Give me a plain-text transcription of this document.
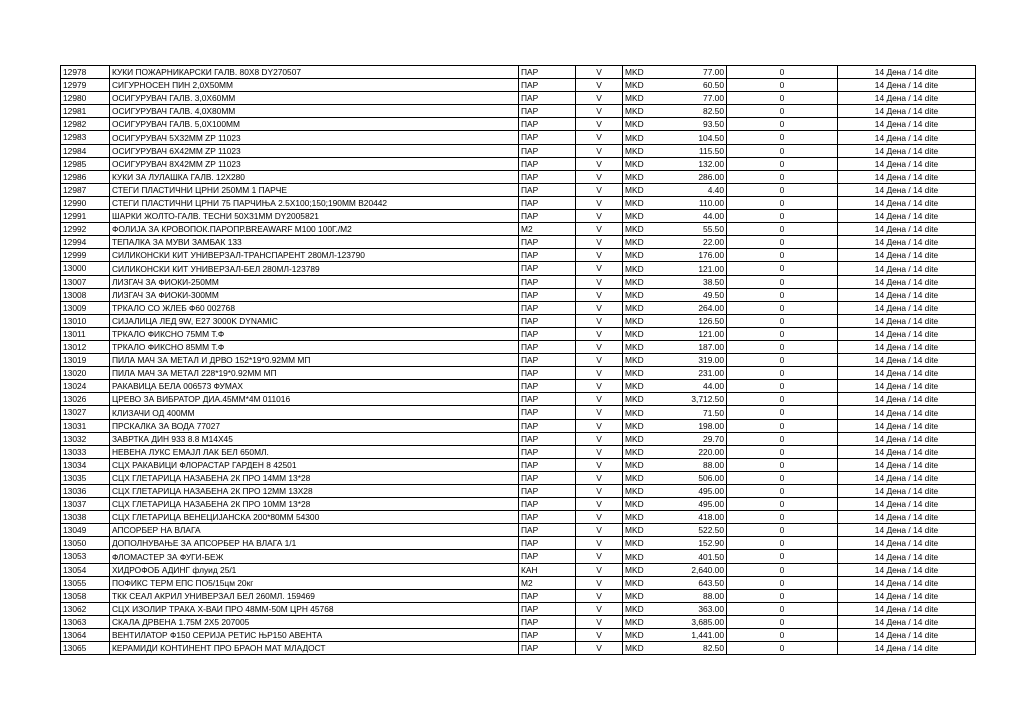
12978	КУКИ ПОЖАРНИКАРСКИ ГАЛВ. 80X8 DY270507	ПАР	V	MKD	77.00	0	14 Дена / 14 dite
12979	СИГУРНОСЕН ПИН 2,0X50ММ	ПАР	V	MKD	60.50	0	14 Дена / 14 dite
12980	ОСИГУРУВАЧ ГАЛВ. 3,0X60ММ	ПАР	V	MKD	77.00	0	14 Дена / 14 dite
12981	ОСИГУРУВАЧ ГАЛВ. 4,0X80ММ	ПАР	V	MKD	82.50	0	14 Дена / 14 dite
12982	ОСИГУРУВАЧ ГАЛВ. 5,0X100ММ	ПАР	V	MKD	93.50	0	14 Дена / 14 dite
12983	ОСИГУРУВАЧ 5X32ММ ZP 11023	ПАР	V	MKD	104.50	0	14 Дена / 14 dite
12984	ОСИГУРУВАЧ 6X42ММ ZP 11023	ПАР	V	MKD	115.50	0	14 Дена / 14 dite
12985	ОСИГУРУВАЧ 8X42ММ ZP 11023	ПАР	V	MKD	132.00	0	14 Дена / 14 dite
12986	КУКИ ЗА ЛУЛАШКА ГАЛВ. 12X280	ПАР	V	MKD	286.00	0	14 Дена / 14 dite
12987	СТЕГИ ПЛАСТИЧНИ ЦРНИ 250ММ 1 ПАРЧЕ	ПАР	V	MKD	4.40	0	14 Дена / 14 dite
12990	СТЕГИ ПЛАСТИЧНИ ЦРНИ 75 ПАРЧИЊА 2.5X100;150;190ММ B20442	ПАР	V	MKD	110.00	0	14 Дена / 14 dite
12991	ШАРКИ ЖОЛТО-ГАЛВ. ТЕСНИ 50X31ММ DY2005821	ПАР	V	MKD	44.00	0	14 Дена / 14 dite
12992	ФОЛИЈА ЗА КРОВОПОК.ПАРОПР.BREAWARF M100 100Г./М2	М2	V	MKD	55.50	0	14 Дена / 14 dite
12994	ТЕПАЛКА ЗА МУВИ ЗАМБАК 133	ПАР	V	MKD	22.00	0	14 Дена / 14 dite
12999	СИЛИКОНСКИ КИТ УНИВЕРЗАЛ-ТРАНСПАРЕНТ 280МЛ-123790	ПАР	V	MKD	176.00	0	14 Дена / 14 dite
13000	СИЛИКОНСКИ КИТ УНИВЕРЗАЛ-БЕЛ 280МЛ-123789	ПАР	V	MKD	121.00	0	14 Дена / 14 dite
13007	ЛИЗГАЧ ЗА ФИОКИ-250ММ	ПАР	V	MKD	38.50	0	14 Дена / 14 dite
13008	ЛИЗГАЧ ЗА ФИОКИ-300ММ	ПАР	V	MKD	49.50	0	14 Дена / 14 dite
13009	ТРКАЛО СО ЖЛЕБ Ф60 002768	ПАР	V	MKD	264.00	0	14 Дена / 14 dite
13010	СИЈАЛИЦА ЛЕД 9W, E27 3000K DYNAMIC	ПАР	V	MKD	126.50	0	14 Дена / 14 dite
13011	ТРКАЛО ФИКСНО 75ММ Т.Ф	ПАР	V	MKD	121.00	0	14 Дена / 14 dite
13012	ТРКАЛО ФИКСНО 85ММ Т.Ф	ПАР	V	MKD	187.00	0	14 Дена / 14 dite
13019	ПИЛА МАЧ ЗА МЕТАЛ И ДРВО 152*19*0.92ММ МП	ПАР	V	MKD	319.00	0	14 Дена / 14 dite
13020	ПИЛА МАЧ ЗА МЕТАЛ 228*19*0.92ММ МП	ПАР	V	MKD	231.00	0	14 Дена / 14 dite
13024	РАКАВИЦА БЕЛА 006573 ФУМАХ	ПАР	V	MKD	44.00	0	14 Дена / 14 dite
13026	ЦРЕВО ЗА ВИБРАТОР ДИА.45ММ*4М 011016	ПАР	V	MKD	3,712.50	0	14 Дена / 14 dite
13027	КЛИЗАЧИ ОД 400ММ	ПАР	V	MKD	71.50	0	14 Дена / 14 dite
13031	ПРСКАЛКА ЗА ВОДА 77027	ПАР	V	MKD	198.00	0	14 Дена / 14 dite
13032	ЗАВРТКА ДИН 933 8.8 М14Х45	ПАР	V	MKD	29.70	0	14 Дена / 14 dite
13033	НЕВЕНА ЛУКС ЕМАЈЛ ЛАК БЕЛ 650МЛ.	ПАР	V	MKD	220.00	0	14 Дена / 14 dite
13034	СЦХ РАКАВИЦИ ФЛОРАСТАР ГАРДЕН 8 42501	ПАР	V	MKD	88.00	0	14 Дена / 14 dite
13035	СЦХ ГЛЕТАРИЦА НАЗАБЕНА 2К ПРО 14ММ 13*28	ПАР	V	MKD	506.00	0	14 Дена / 14 dite
13036	СЦХ ГЛЕТАРИЦА НАЗАБЕНА 2К ПРО 12ММ 13Х28	ПАР	V	MKD	495.00	0	14 Дена / 14 dite
13037	СЦХ ГЛЕТАРИЦА НАЗАБЕНА 2К ПРО 10ММ 13*28	ПАР	V	MKD	495.00	0	14 Дена / 14 dite
13038	СЦХ ГЛЕТАРИЦА ВЕНЕЦИЈАНСКА 200*80ММ 54300	ПАР	V	MKD	418.00	0	14 Дена / 14 dite
13049	АПСОРБЕР НА ВЛАГА	ПАР	V	MKD	522.50	0	14 Дена / 14 dite
13050	ДОПОЛНУВАЊЕ ЗА АПСОРБЕР НА ВЛАГА 1/1	ПАР	V	MKD	152.90	0	14 Дена / 14 dite
13053	ФЛОМАСТЕР ЗА ФУГИ-БЕЖ	ПАР	V	MKD	401.50	0	14 Дена / 14 dite
13054	ХИДРОФОБ АДИНГ флуид 25/1	КАН	V	MKD	2,640.00	0	14 Дена / 14 dite
13055	ПОФИКС ТЕРМ ЕПС ПО5/15цм 20кг	М2	V	MKD	643.50	0	14 Дена / 14 dite
13058	ТКК СЕАЛ АКРИЛ УНИВЕРЗАЛ БЕЛ 260МЛ. 159469	ПАР	V	MKD	88.00	0	14 Дена / 14 dite
13062	СЦХ ИЗОЛИР ТРАКА Х-ВАИ ПРО 48ММ-50М ЦРН 45768	ПАР	V	MKD	363.00	0	14 Дена / 14 dite
13063	СКАЛА ДРВЕНА 1.75М 2Х5 207005	ПАР	V	MKD	3,685.00	0	14 Дена / 14 dite
13064	ВЕНТИЛАТОР Ф150 СЕРИЈА РЕТИС ЊР150 АВЕНТА	ПАР	V	MKD	1,441.00	0	14 Дена / 14 dite
13065	КЕРАМИДИ КОНТИНЕНТ ПРО БРАОН МАТ МЛАДОСТ	ПАР	V	MKD	82.50	0	14 Дена / 14 dite
